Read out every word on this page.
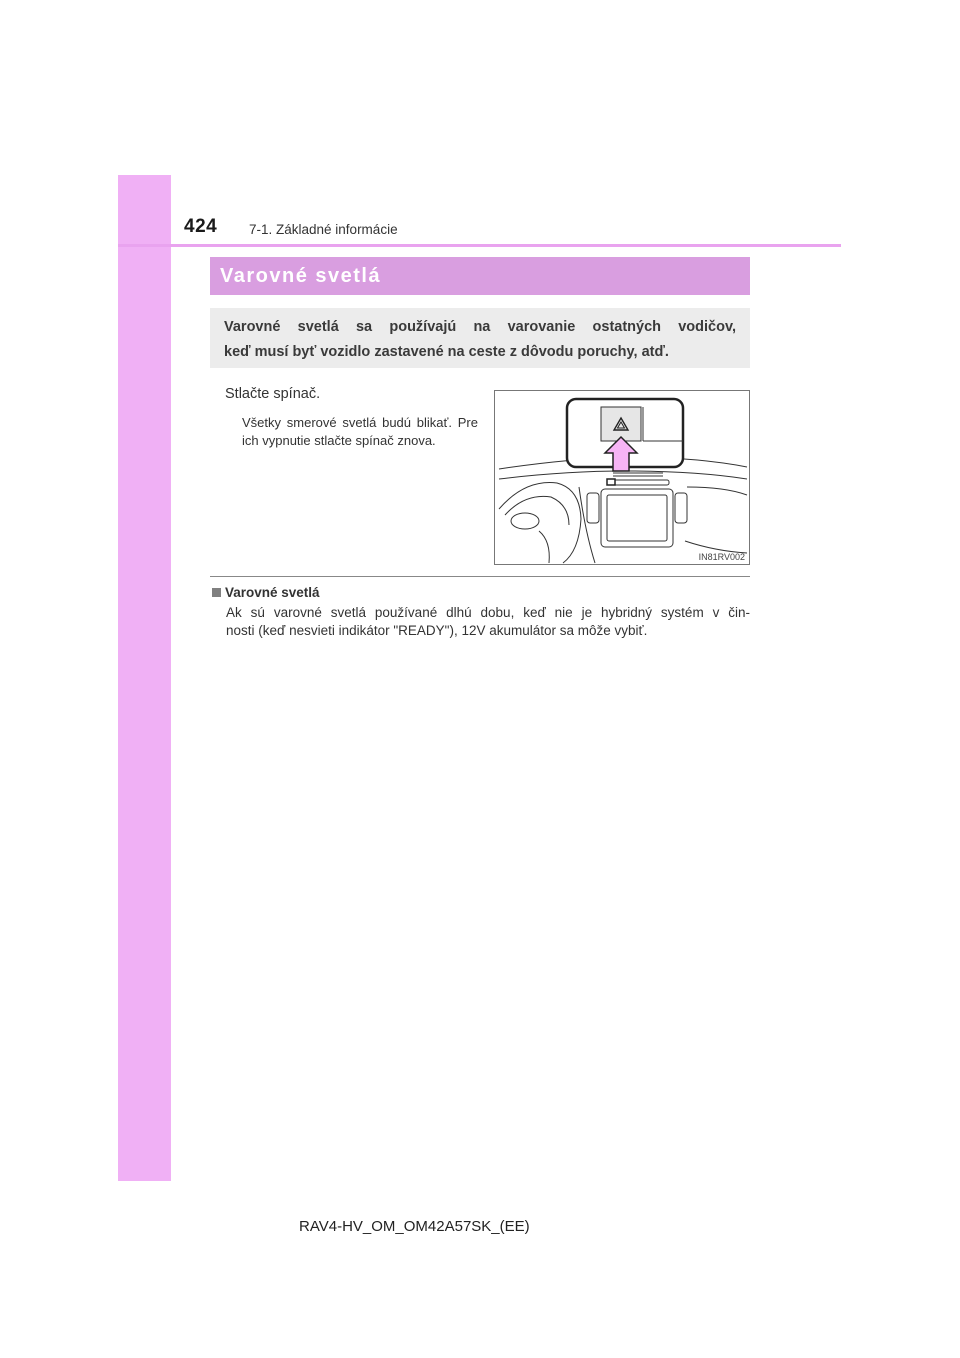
424 7-1. Základné informácie
Varovné svetlá

Varovné svetlá sa používajú na varovanie ostatných vodičov,

keď musí byť vozidlo zastavené na ceste z dôvodu poruchy, atď.

Stlačte spínač.
Všetky smerové svetlá budú blikať. Pre ich vypnutie stlačte spínač znova.
IN81RV002
Varovné svetlá

Ak sú varovné svetlá používané dlhú dobu, keď nie je hybridný systém v čin-

nosti (keď nesvieti indikátor "READY"), 12V akumulátor sa môže vybiť.

RAV4-HV_OM_OM42A57SK_(EE)
